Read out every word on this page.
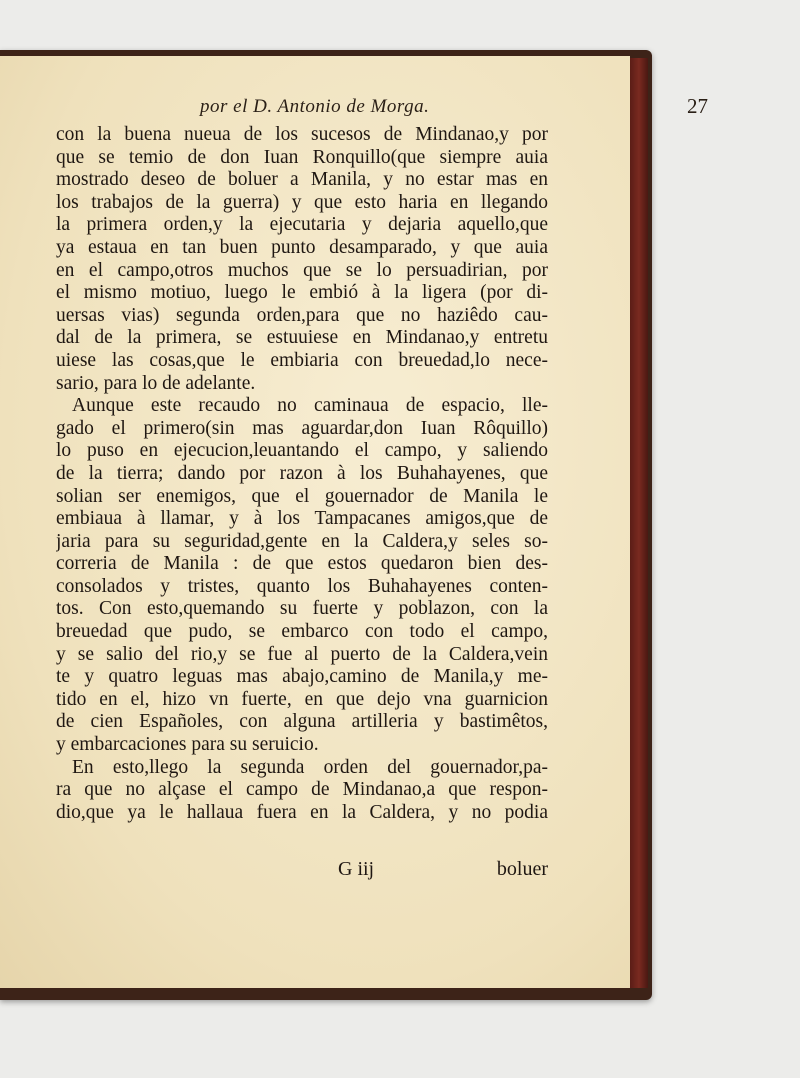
por el D. Antonio de Morga.	27
con la buena nueua de los sucesos de Mindanao,y por
que se temio de don Iuan Ronquillo(que siempre auia
mostrado deseo de boluer a Manila, y no estar mas en
los trabajos de la guerra) y que esto haria en llegando
la primera orden,y la ejecutaria y dejaria aquello,que
ya estaua en tan buen punto desamparado, y que auia
en el campo,otros muchos que se lo persuadirian, por
el mismo motiuo, luego le embió à la ligera (por di-
uersas vias) segunda orden,para que no haziêdo cau-
dal de la primera, se estuuiese en Mindanao,y entretu
uiese las cosas,que le embiaria con breuedad,lo nece-
sario, para lo de adelante.
Aunque este recaudo no caminaua de espacio, lle-
gado el primero(sin mas aguardar,don Iuan Rôquillo)
lo puso en ejecucion,leuantando el campo, y saliendo
de la tierra; dando por razon à los Buhahayenes, que
solian ser enemigos, que el gouernador de Manila le
embiaua à llamar, y à los Tampacanes amigos,que de
jaria para su seguridad,gente en la Caldera,y seles so-
correria de Manila : de que estos quedaron bien des-
consolados y tristes, quanto los Buhahayenes conten-
tos. Con esto,quemando su fuerte y poblazon, con la
breuedad que pudo, se embarco con todo el campo,
y se salio del rio,y se fue al puerto de la Caldera,vein
te y quatro leguas mas abajo,camino de Manila,y me-
tido en el, hizo vn fuerte, en que dejo vna guarnicion
de cien Españoles, con alguna artilleria y bastimêtos,
y embarcaciones para su seruicio.
En esto,llego la segunda orden del gouernador,pa-
ra que no alçase el campo de Mindanao,a que respon-
dio,que ya le hallaua fuera en la Caldera, y no podia
G iij	boluer
